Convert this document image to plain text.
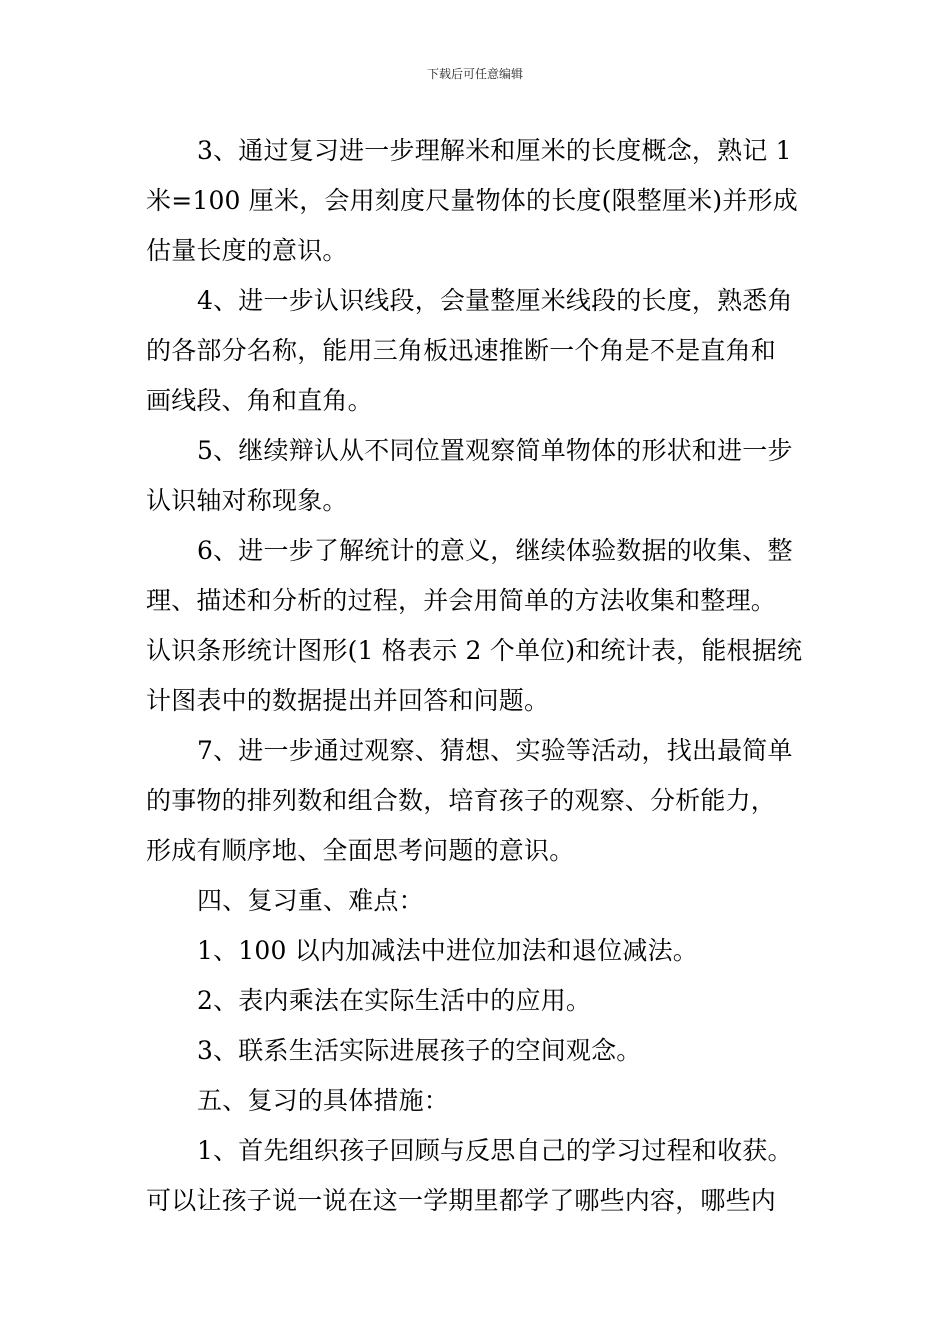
下载后可任意编辑

3、通过复习进一步理解米和厘米的长度概念，熟记 1
米=100 厘米，会用刻度尺量物体的长度(限整厘米)并形成
估量长度的意识。

4、进一步认识线段，会量整厘米线段的长度，熟悉角
的各部分名称，能用三角板迅速推断一个角是不是直角和
画线段、角和直角。

5、继续辩认从不同位置观察简单物体的形状和进一步
认识轴对称现象。

6、进一步了解统计的意义，继续体验数据的收集、整
理、描述和分析的过程，并会用简单的方法收集和整理。
认识条形统计图形(1 格表示 2 个单位)和统计表，能根据统
计图表中的数据提出并回答和问题。

7、进一步通过观察、猜想、实验等活动，找出最简单
的事物的排列数和组合数，培育孩子的观察、分析能力，
形成有顺序地、全面思考问题的意识。

四、复习重、难点：

1、100 以内加减法中进位加法和退位减法。

2、表内乘法在实际生活中的应用。

3、联系生活实际进展孩子的空间观念。

五、复习的具体措施：

1、首先组织孩子回顾与反思自己的学习过程和收获。
可以让孩子说一说在这一学期里都学了哪些内容，哪些内
